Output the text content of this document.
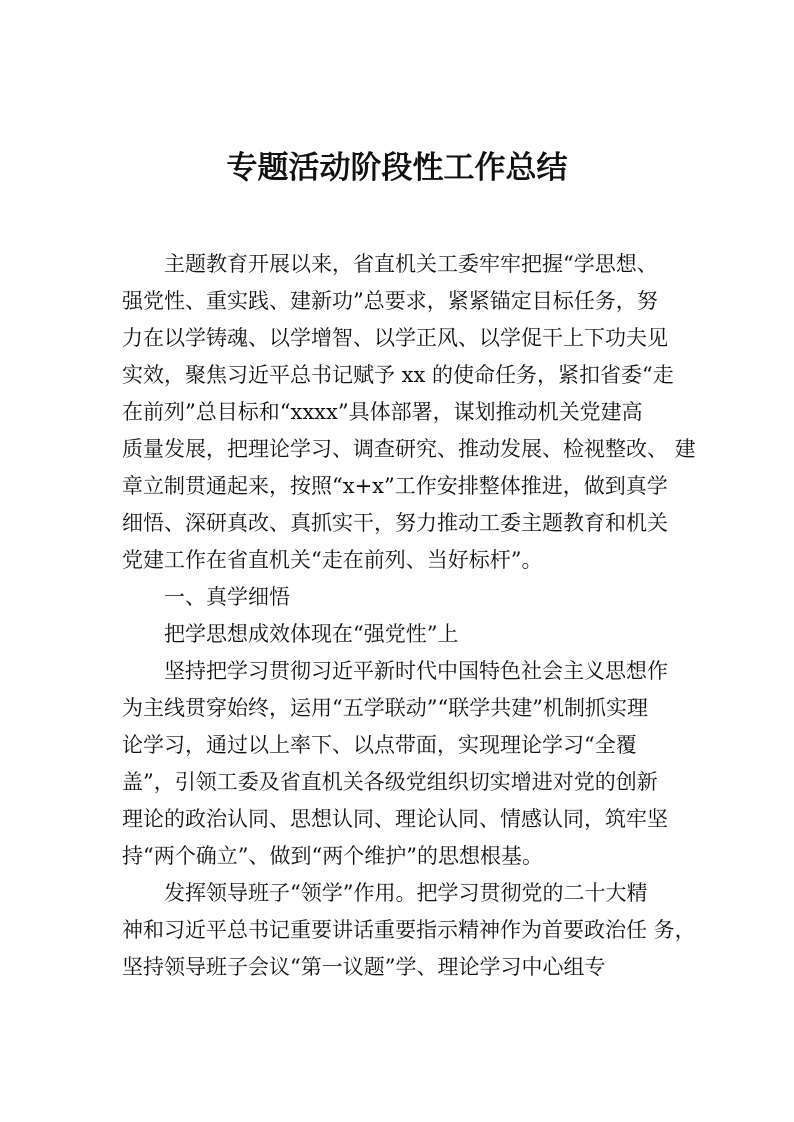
专题活动阶段性工作总结
主题教育开展以来，省直机关工委牢牢把握“学思想、
强党性、重实践、建新功”总要求，紧紧锚定目标任务，努
力在以学铸魂、以学增智、以学正风、以学促干上下功夫见
实效，聚焦习近平总书记赋予 xx 的使命任务，紧扣省委“走
在前列”总目标和“xxxx”具体部署，谋划推动机关党建高
质量发展，把理论学习、调查研究、推动发展、检视整改、 建
章立制贯通起来，按照“x+x”工作安排整体推进，做到真学
细悟、深研真改、真抓实干，努力推动工委主题教育和机关
党建工作在省直机关“走在前列、当好标杆”。
一、真学细悟
把学思想成效体现在“强党性”上
坚持把学习贯彻习近平新时代中国特色社会主义思想作
为主线贯穿始终，运用“五学联动”“联学共建”机制抓实理
论学习，通过以上率下、以点带面，实现理论学习“全覆
盖”，引领工委及省直机关各级党组织切实增进对党的创新
理论的政治认同、思想认同、理论认同、情感认同，筑牢坚
持“两个确立”、做到“两个维护”的思想根基。
发挥领导班子“领学”作用。把学习贯彻党的二十大精
神和习近平总书记重要讲话重要指示精神作为首要政治任 务，
坚持领导班子会议“第一议题”学、理论学习中心组专
